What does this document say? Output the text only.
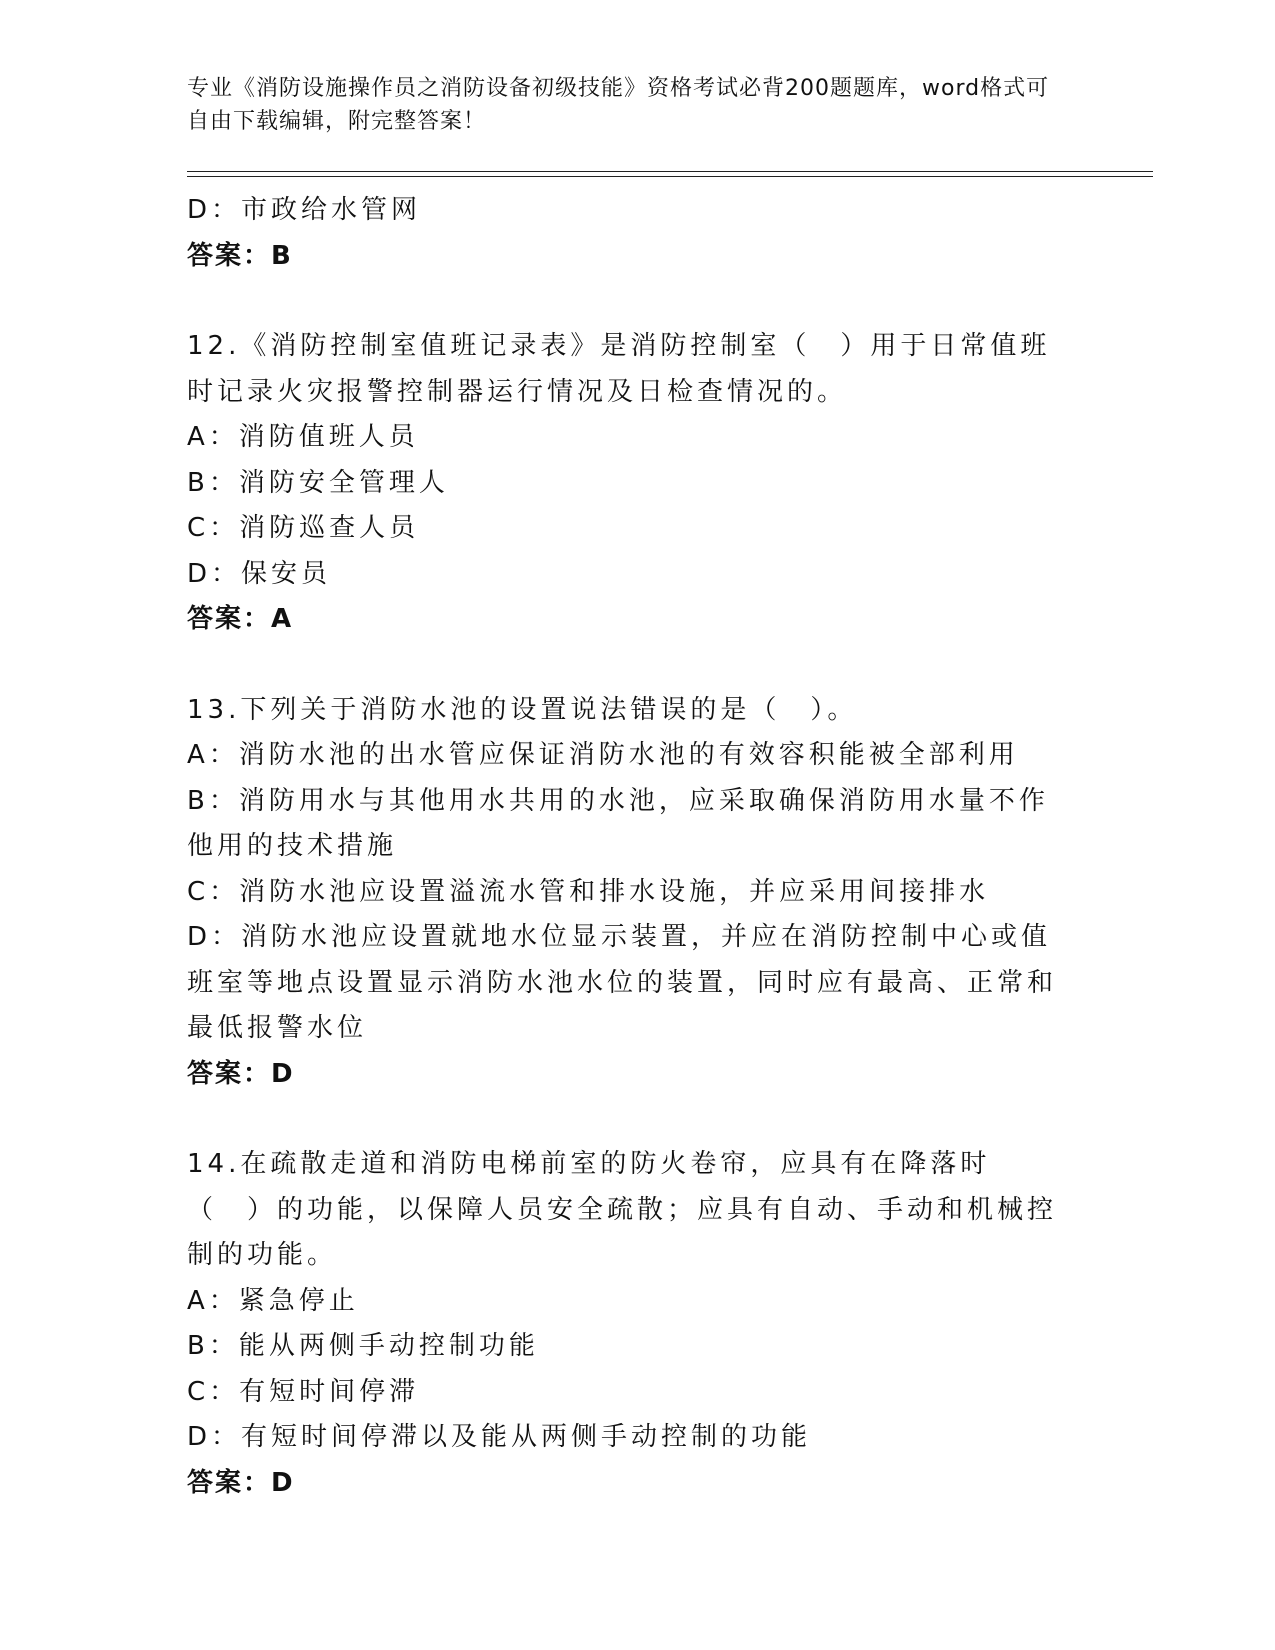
专业《消防设施操作员之消防设备初级技能》资格考试必背200题题库，word格式可自由下载编辑，附完整答案！
D：市政给水管网
答案：B
12.《消防控制室值班记录表》是消防控制室（　）用于日常值班时记录火灾报警控制器运行情况及日检查情况的。
A：消防值班人员
B：消防安全管理人
C：消防巡查人员
D：保安员
答案：A
13.下列关于消防水池的设置说法错误的是（　）。
A：消防水池的出水管应保证消防水池的有效容积能被全部利用
B：消防用水与其他用水共用的水池，应采取确保消防用水量不作他用的技术措施
C：消防水池应设置溢流水管和排水设施，并应采用间接排水
D：消防水池应设置就地水位显示装置，并应在消防控制中心或值班室等地点设置显示消防水池水位的装置，同时应有最高、正常和最低报警水位
答案：D
14.在疏散走道和消防电梯前室的防火卷帘，应具有在降落时（　）的功能，以保障人员安全疏散；应具有自动、手动和机械控制的功能。
A：紧急停止
B：能从两侧手动控制功能
C：有短时间停滞
D：有短时间停滞以及能从两侧手动控制的功能
答案：D
